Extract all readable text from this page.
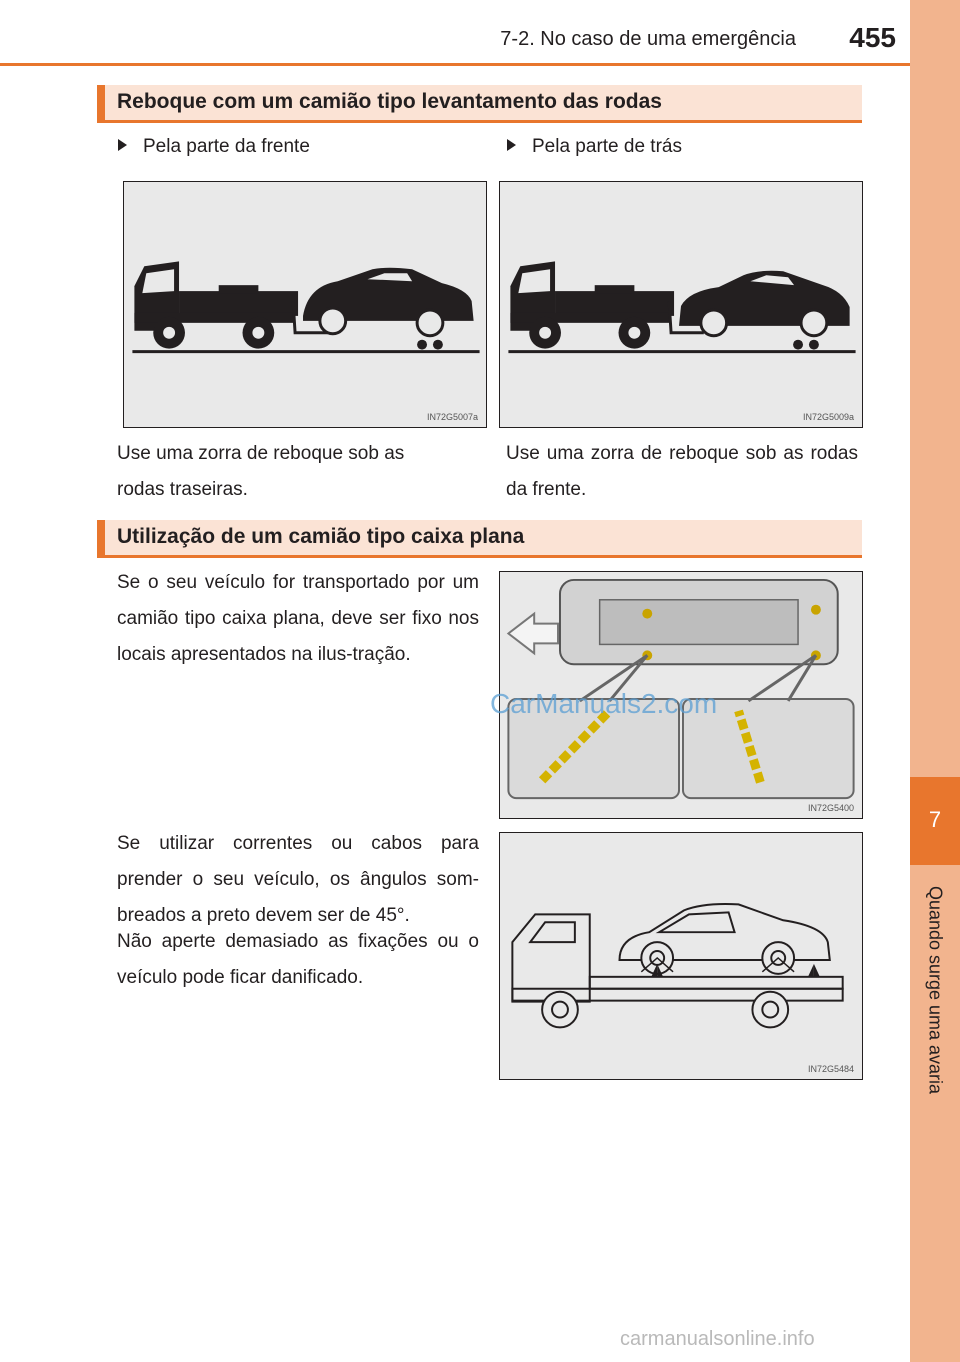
7
Quando surge uma avaria
7-2. No caso de uma emergência	455
Reboque com um camião tipo levantamento das rodas
Pela parte da frente	Pela parte de trás
IN72G5007a	IN72G5009a
Use uma zorra de reboque sob as rodas traseiras.
Use uma zorra de reboque sob as rodas da frente.
Utilização de um camião tipo caixa plana
Se o seu veículo for transportado por um camião tipo caixa plana, deve ser fixo nos locais apresentados na ilus-tração.
IN72G5400
CarManuals2.com
Se utilizar correntes ou cabos para prender o seu veículo, os ângulos som-breados a preto devem ser de 45°.
Não aperte demasiado as fixações ou o veículo pode ficar danificado.
IN72G5484
carmanualsonline.info
